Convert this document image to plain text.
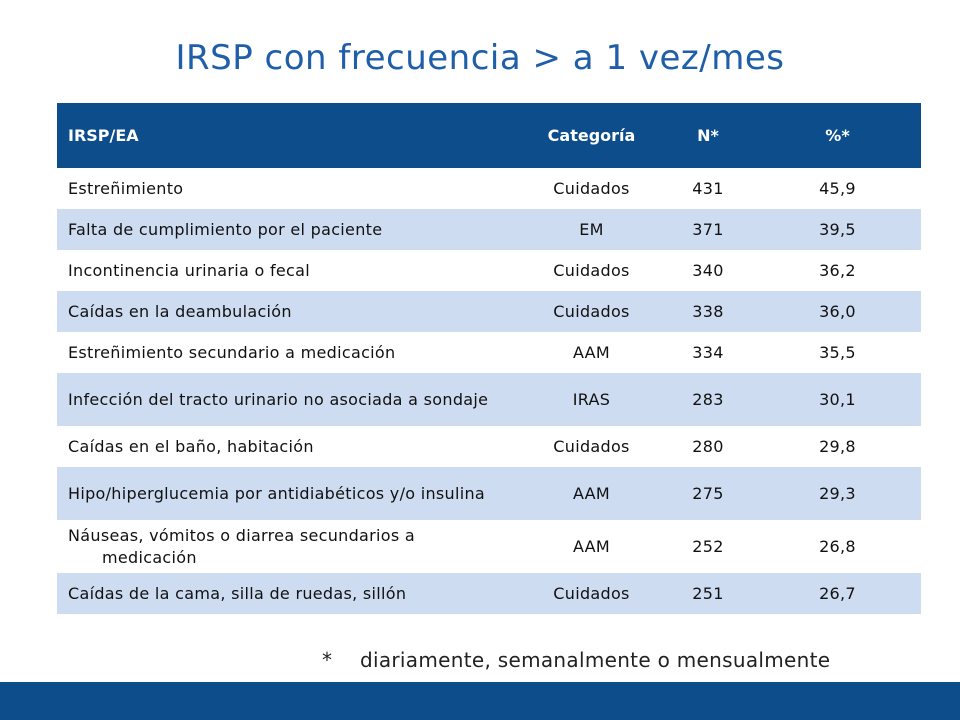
IRSP con frecuencia > a 1 vez/mes
IRSP/EA	Categoría	N*	%*
Estreñimiento	Cuidados	431	45,9
Falta de cumplimiento por el paciente	EM	371	39,5
Incontinencia urinaria o fecal	Cuidados	340	36,2
Caídas en la deambulación	Cuidados	338	36,0
Estreñimiento secundario a medicación	AAM	334	35,5

Infección del tracto urinario no asociada a sondaje	IRAS	283	30,1
Caídas en el baño, habitación	Cuidados	280	29,8

Hipo/hiperglucemia por antidiabéticos y/o insulina	AAM	275	29,3

Náuseas, vómitos o diarrea secundarios a medicación	AAM	252	26,8
Caídas de la cama, silla de ruedas, sillón	Cuidados	251	26,7
* diariamente, semanalmente o mensualmente
